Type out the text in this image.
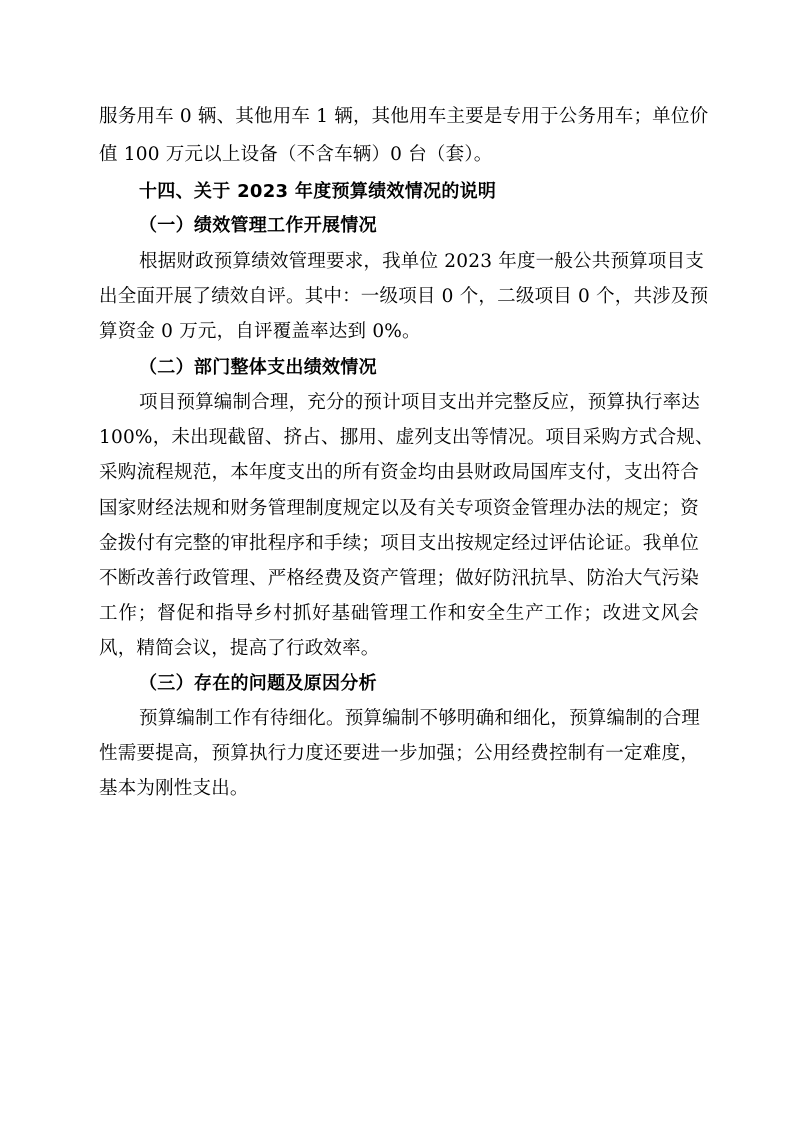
服务用车 0 辆、其他用车 1 辆，其他用车主要是专用于公务用车；单位价
值 100 万元以上设备（不含车辆）0 台（套）。
十四、关于 2023 年度预算绩效情况的说明
（一）绩效管理工作开展情况
根据财政预算绩效管理要求，我单位 2023 年度一般公共预算项目支
出全面开展了绩效自评。其中：一级项目 0 个，二级项目 0 个，共涉及预
算资金 0 万元，自评覆盖率达到 0%。
（二）部门整体支出绩效情况
项目预算编制合理，充分的预计项目支出并完整反应，预算执行率达
100%，未出现截留、挤占、挪用、虚列支出等情况。项目采购方式合规、
采购流程规范，本年度支出的所有资金均由县财政局国库支付，支出符合
国家财经法规和财务管理制度规定以及有关专项资金管理办法的规定；资
金拨付有完整的审批程序和手续；项目支出按规定经过评估论证。我单位
不断改善行政管理、严格经费及资产管理；做好防汛抗旱、防治大气污染
工作；督促和指导乡村抓好基础管理工作和安全生产工作；改进文风会
风，精简会议，提高了行政效率。
（三）存在的问题及原因分析
预算编制工作有待细化。预算编制不够明确和细化，预算编制的合理
性需要提高，预算执行力度还要进一步加强；公用经费控制有一定难度，
基本为刚性支出。
